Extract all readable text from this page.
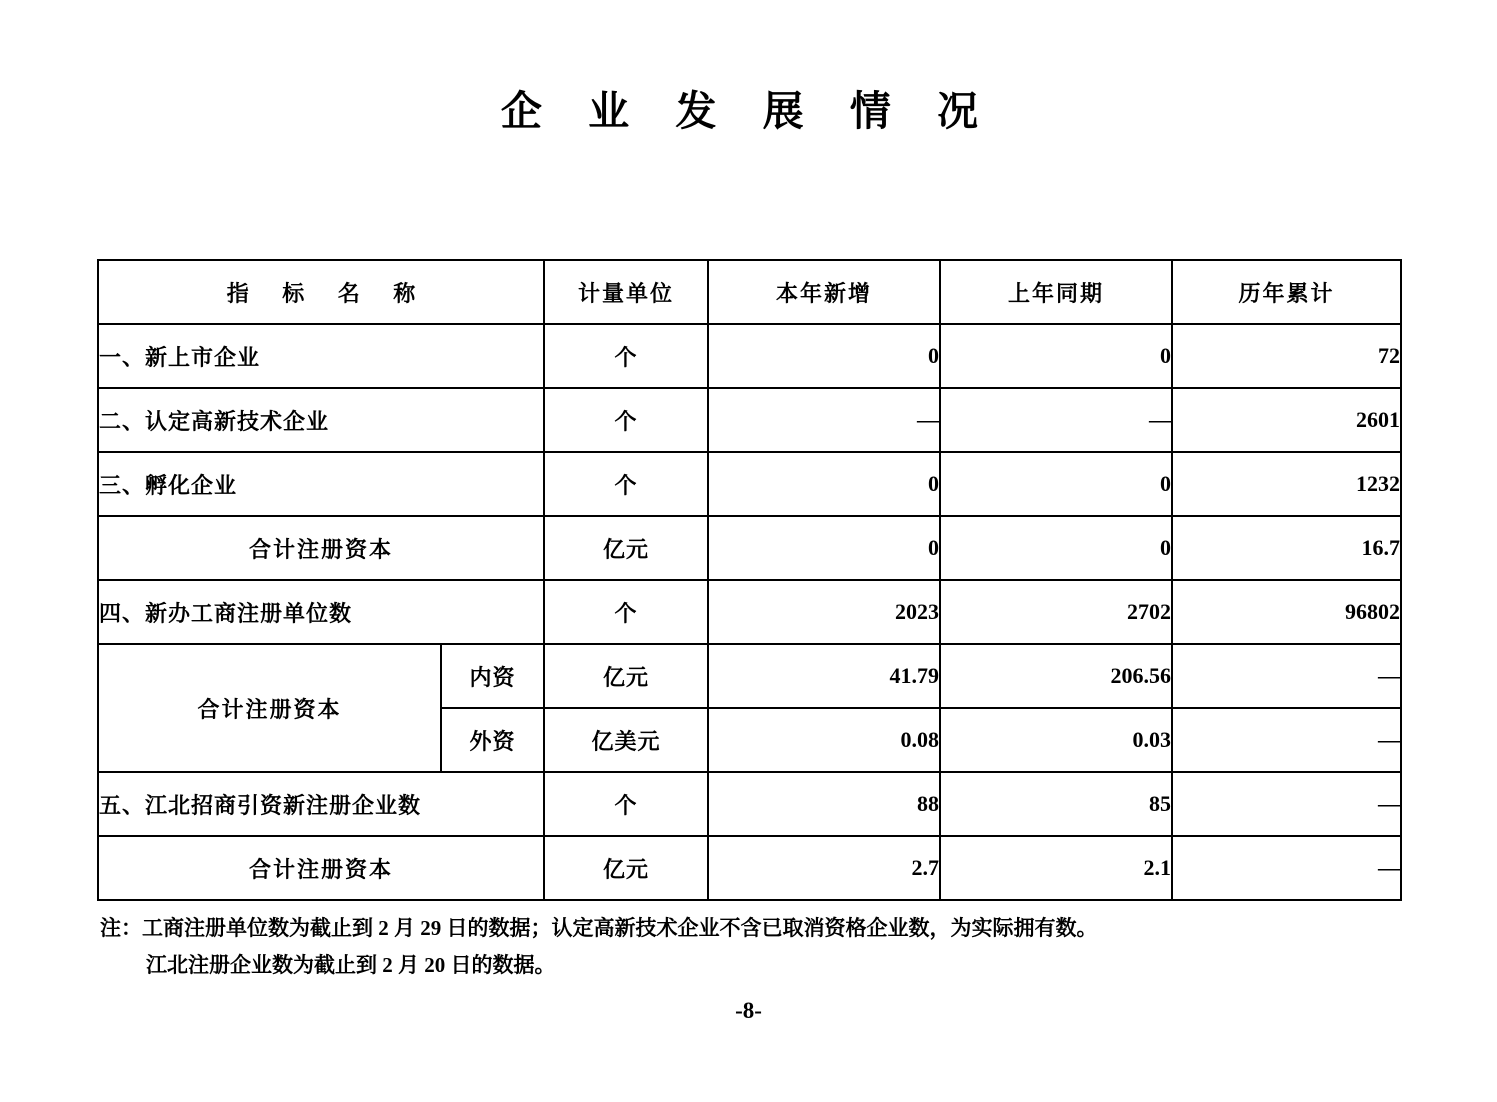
企 业 发 展 情 况
指 标 名 称		计量单位	本年新增	上年同期	历年累计
一、新上市企业		个	0	0	72
二、认定高新技术企业		个	—	—	2601
三、孵化企业		个	0	0	1232
合计注册资本		亿元	0	0	16.7
四、新办工商注册单位数		个	2023	2702	96802
合计注册资本	内资	亿元	41.79	206.56	—
	外资	亿美元	0.08	0.03	—
五、江北招商引资新注册企业数		个	88	85	—
合计注册资本		亿元	2.7	2.1	—
注：工商注册单位数为截止到 2 月 29 日的数据；认定高新技术企业不含已取消资格企业数，为实际拥有数。
江北注册企业数为截止到 2 月 20 日的数据。
-8-
